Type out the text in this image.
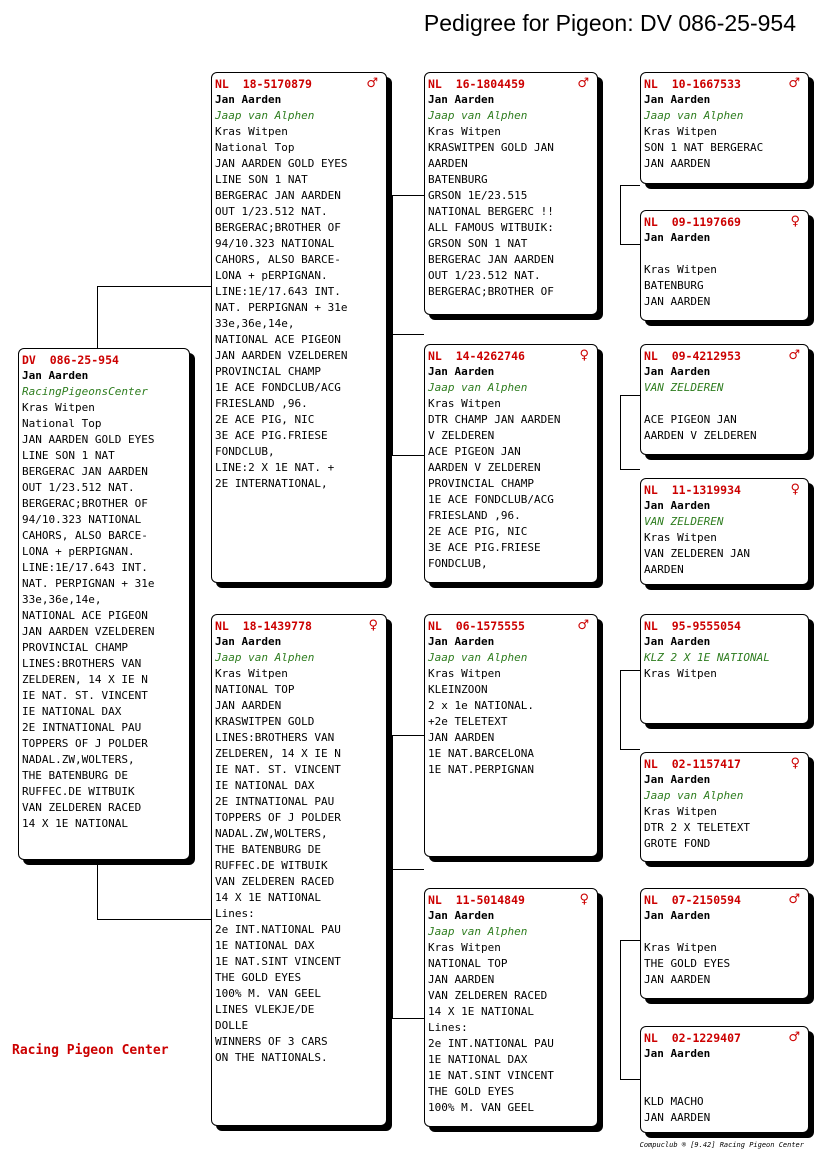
Pedigree for Pigeon: DV 086-25-954
DV  086-25-954
Jan Aarden
RacingPigeonsCenter
Kras Witpen
National Top
JAN AARDEN GOLD EYES
LINE SON 1 NAT
BERGERAC JAN AARDEN
OUT 1/23.512 NAT.
BERGERAC;BROTHER OF
94/10.323 NATIONAL
CAHORS, ALSO BARCE-
LONA + pERPIGNAN.
LINE:1E/17.643 INT.
NAT. PERPIGNAN + 31e
33e,36e,14e,
NATIONAL ACE PIGEON
JAN AARDEN VZELDEREN
PROVINCIAL CHAMP
LINES:BROTHERS VAN
ZELDEREN, 14 X IE N
IE NAT. ST. VINCENT
IE NATIONAL DAX
2E INTNATIONAL PAU
TOPPERS OF J POLDER
NADAL.ZW,WOLTERS,
THE BATENBURG DE
RUFFEC.DE WITBUIK
VAN ZELDEREN RACED
14 X 1E NATIONAL
NL  18-5170879	♂
Jan Aarden
Jaap van Alphen
Kras Witpen
National Top
JAN AARDEN GOLD EYES
LINE SON 1 NAT
BERGERAC JAN AARDEN
OUT 1/23.512 NAT.
BERGERAC;BROTHER OF
94/10.323 NATIONAL
CAHORS, ALSO BARCE-
LONA + pERPIGNAN.
LINE:1E/17.643 INT.
NAT. PERPIGNAN + 31e
33e,36e,14e,
NATIONAL ACE PIGEON
JAN AARDEN VZELDEREN
PROVINCIAL CHAMP
1E ACE FONDCLUB/ACG
FRIESLAND ,96.
2E ACE PIG, NIC
3E ACE PIG.FRIESE
FONDCLUB,
LINE:2 X 1E NAT. +
2E INTERNATIONAL,
NL  18-1439778	♀
Jan Aarden
Jaap van Alphen
Kras Witpen
NATIONAL TOP
JAN AARDEN
KRASWITPEN GOLD
LINES:BROTHERS VAN
ZELDEREN, 14 X IE N
IE NAT. ST. VINCENT
IE NATIONAL DAX
2E INTNATIONAL PAU
TOPPERS OF J POLDER
NADAL.ZW,WOLTERS,
THE BATENBURG DE
RUFFEC.DE WITBUIK
VAN ZELDEREN RACED
14 X 1E NATIONAL
Lines:
2e INT.NATIONAL PAU
1E NATIONAL DAX
1E NAT.SINT VINCENT
THE GOLD EYES
100% M. VAN GEEL
LINES VLEKJE/DE
DOLLE
WINNERS OF 3 CARS
ON THE NATIONALS.
NL  16-1804459	♂
Jan Aarden
Jaap van Alphen
Kras Witpen
KRASWITPEN GOLD JAN
AARDEN
BATENBURG
GRSON 1E/23.515
NATIONAL BERGERC !!
ALL FAMOUS WITBUIK:
GRSON SON 1 NAT
BERGERAC JAN AARDEN
OUT 1/23.512 NAT.
BERGERAC;BROTHER OF
NL  14-4262746	♀
Jan Aarden
Jaap van Alphen
Kras Witpen
DTR CHAMP JAN AARDEN
V ZELDEREN
ACE PIGEON JAN
AARDEN V ZELDEREN
PROVINCIAL CHAMP
1E ACE FONDCLUB/ACG
FRIESLAND ,96.
2E ACE PIG, NIC
3E ACE PIG.FRIESE
FONDCLUB,
NL  06-1575555	♂
Jan Aarden
Jaap van Alphen
Kras Witpen
KLEINZOON
2 x 1e NATIONAL.
+2e TELETEXT
JAN AARDEN
1E NAT.BARCELONA
1E NAT.PERPIGNAN
NL  11-5014849	♀
Jan Aarden
Jaap van Alphen
Kras Witpen
NATIONAL TOP
JAN AARDEN
VAN ZELDEREN RACED
14 X 1E NATIONAL
Lines:
2e INT.NATIONAL PAU
1E NATIONAL DAX
1E NAT.SINT VINCENT
THE GOLD EYES
100% M. VAN GEEL
NL  10-1667533	♂
Jan Aarden
Jaap van Alphen
Kras Witpen
SON 1 NAT BERGERAC
JAN AARDEN
NL  09-1197669	♀
Jan Aarden
Kras Witpen
BATENBURG
JAN AARDEN
NL  09-4212953	♂
Jan Aarden
VAN ZELDEREN
ACE PIGEON JAN
AARDEN V ZELDEREN
NL  11-1319934	♀
Jan Aarden
VAN ZELDEREN
Kras Witpen
VAN ZELDEREN JAN
AARDEN
NL  95-9555054
Jan Aarden
KLZ 2 X 1E NATIONAL
Kras Witpen
NL  02-1157417	♀
Jan Aarden
Jaap van Alphen
Kras Witpen
DTR 2 X TELETEXT
GROTE FOND
NL  07-2150594	♂
Jan Aarden
Kras Witpen
THE GOLD EYES
JAN AARDEN
NL  02-1229407	♂
Jan Aarden
KLD MACHO
JAN AARDEN
Racing Pigeon Center
Compuclub ® [9.42] Racing Pigeon Center
